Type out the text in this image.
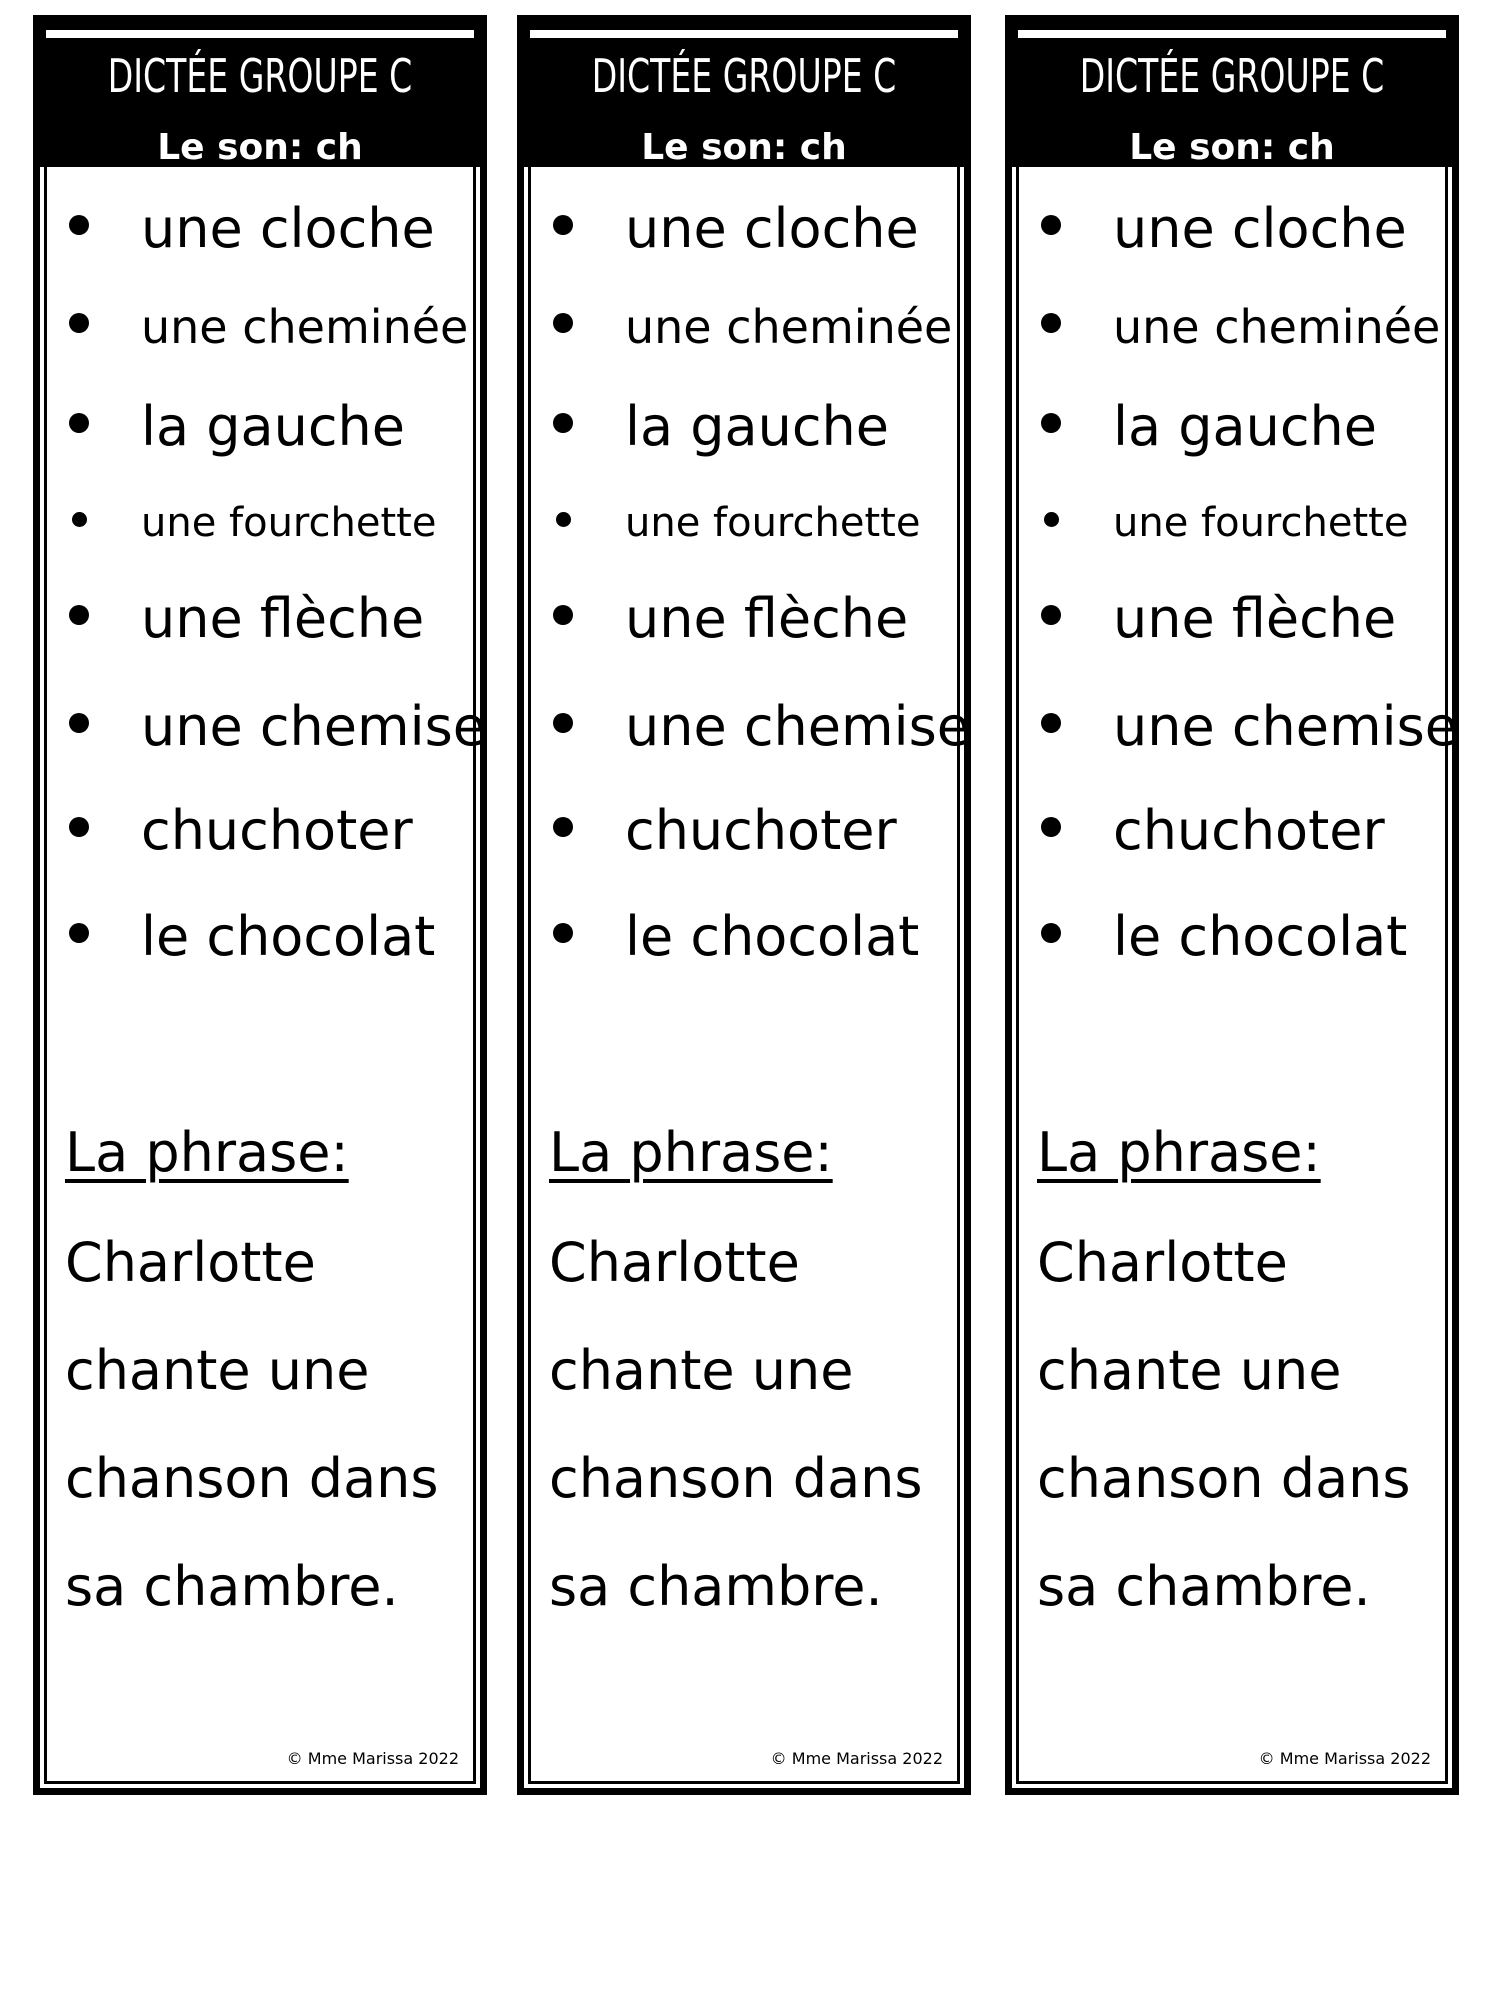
DICTÉE GROUPE C
Le son: ch
une cloche
une cheminée
la gauche
une fourchette
une flèche
une chemise
chuchoter
le chocolat
La phrase:
Charlotte
chante une
chanson dans
sa chambre.
© Mme Marissa 2022
DICTÉE GROUPE C
Le son: ch
une cloche
une cheminée
la gauche
une fourchette
une flèche
une chemise
chuchoter
le chocolat
La phrase:
Charlotte
chante une
chanson dans
sa chambre.
© Mme Marissa 2022
DICTÉE GROUPE C
Le son: ch
une cloche
une cheminée
la gauche
une fourchette
une flèche
une chemise
chuchoter
le chocolat
La phrase:
Charlotte
chante une
chanson dans
sa chambre.
© Mme Marissa 2022
